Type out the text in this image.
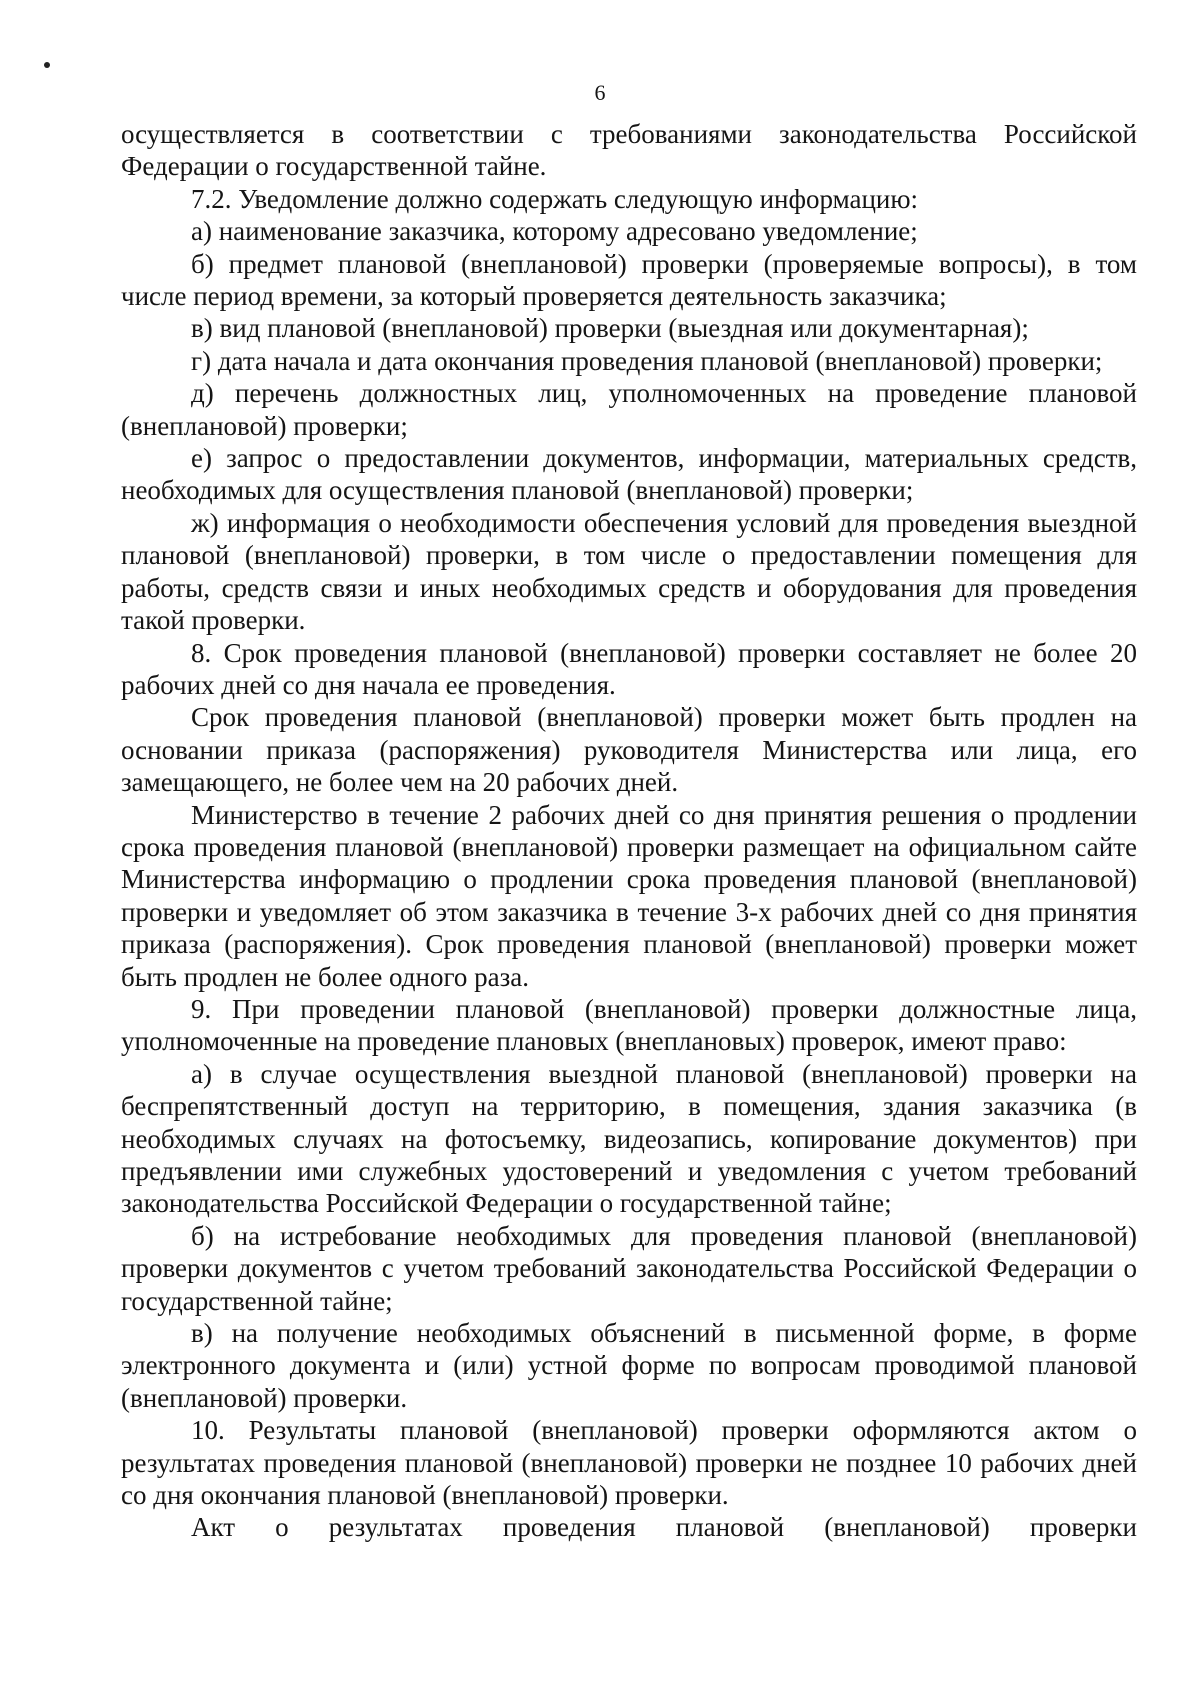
6

осуществляется в соответствии с требованиями законодательства Российской Федерации о государственной тайне.

7.2. Уведомление должно содержать следующую информацию:

а) наименование заказчика, которому адресовано уведомление;

б) предмет плановой (внеплановой) проверки (проверяемые вопросы), в том числе период времени, за который проверяется деятельность заказчика;

в) вид плановой (внеплановой) проверки (выездная или документарная);

г) дата начала и дата окончания проведения плановой (внеплановой) проверки;

д) перечень должностных лиц, уполномоченных на проведение плановой (внеплановой) проверки;

е) запрос о предоставлении документов, информации, материальных средств, необходимых для осуществления плановой (внеплановой) проверки;

ж) информация о необходимости обеспечения условий для проведения выездной плановой (внеплановой) проверки, в том числе о предоставлении помещения для работы, средств связи и иных необходимых средств и оборудования для проведения такой проверки.

8. Срок проведения плановой (внеплановой) проверки составляет не более 20 рабочих дней со дня начала ее проведения.

Срок проведения плановой (внеплановой) проверки может быть продлен на основании приказа (распоряжения) руководителя Министерства или лица, его замещающего, не более чем на 20 рабочих дней.

Министерство в течение 2 рабочих дней со дня принятия решения о продлении срока проведения плановой (внеплановой) проверки размещает на официальном сайте Министерства информацию о продлении срока проведения плановой (внеплановой) проверки и уведомляет об этом заказчика в течение 3-х рабочих дней со дня принятия приказа (распоряжения). Срок проведения плановой (внеплановой) проверки может быть продлен не более одного раза.

9. При проведении плановой (внеплановой) проверки должностные лица, уполномоченные на проведение плановых (внеплановых) проверок, имеют право:

а) в случае осуществления выездной плановой (внеплановой) проверки на беспрепятственный доступ на территорию, в помещения, здания заказчика (в необходимых случаях на фотосъемку, видеозапись, копирование документов) при предъявлении ими служебных удостоверений и уведомления с учетом требований законодательства Российской Федерации о государственной тайне;

б) на истребование необходимых для проведения плановой (внеплановой) проверки документов с учетом требований законодательства Российской Федерации о государственной тайне;

в) на получение необходимых объяснений в письменной форме, в форме электронного документа и (или) устной форме по вопросам проводимой плановой (внеплановой) проверки.

10. Результаты плановой (внеплановой) проверки оформляются актом о результатах проведения плановой (внеплановой) проверки не позднее 10 рабочих дней со дня окончания плановой (внеплановой) проверки.

Акт о результатах проведения плановой (внеплановой) проверки
